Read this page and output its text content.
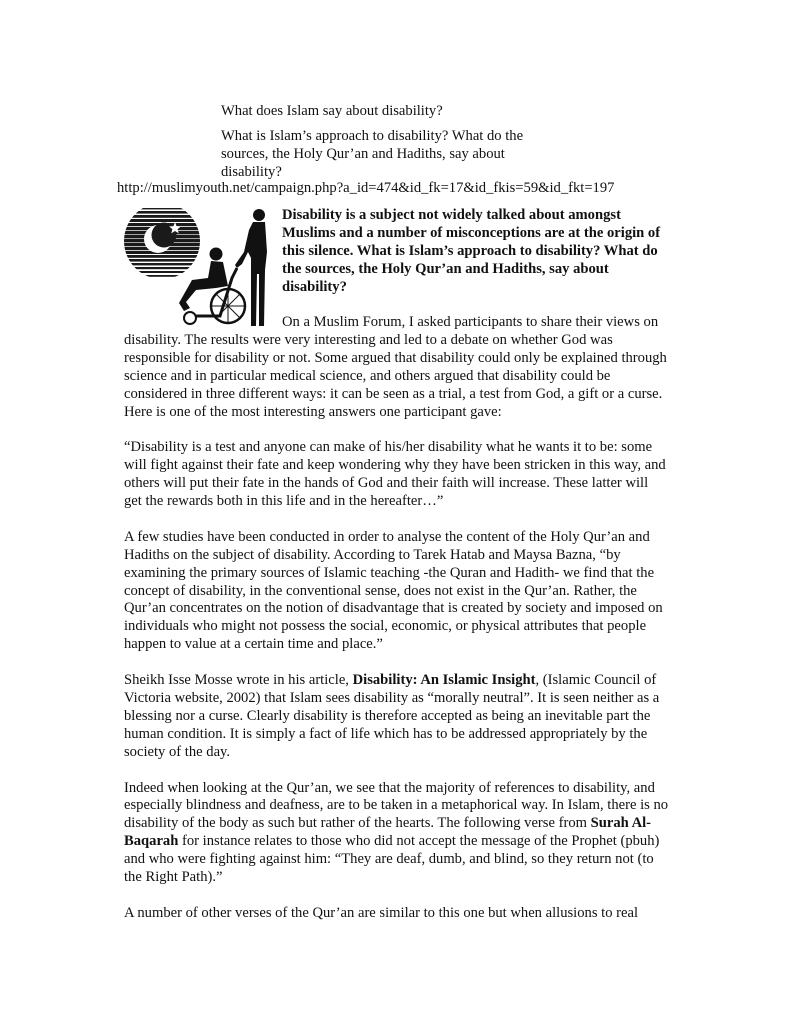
What does Islam say about disability?

What is Islam’s approach to disability? What do the sources, the Holy Qur’an and Hadiths, say about disability?

http://muslimyouth.net/campaign.php?a_id=474&id_fk=17&id_fkis=59&id_fkt=197

Disability is a subject not widely talked about amongst Muslims and a number of misconceptions are at the origin of this silence. What is Islam’s approach to disability? What do the sources, the Holy Qur’an and Hadiths, say about disability?

On a Muslim Forum, I asked participants to share their views on disability. The results were very interesting and led to a debate on whether God was responsible for disability or not. Some argued that disability could only be explained through science and in particular medical science, and others argued that disability could be considered in three different ways: it can be seen as a trial, a test from God, a gift or a curse. Here is one of the most interesting answers one participant gave:

“Disability is a test and anyone can make of his/her disability what he wants it to be: some will fight against their fate and keep wondering why they have been stricken in this way, and others will put their fate in the hands of God and their faith will increase. These latter will get the rewards both in this life and in the hereafter…”

A few studies have been conducted in order to analyse the content of the Holy Qur’an and Hadiths on the subject of disability. According to Tarek Hatab and Maysa Bazna, “by examining the primary sources of Islamic teaching -the Quran and Hadith- we find that the concept of disability, in the conventional sense, does not exist in the Qur’an. Rather, the Qur’an concentrates on the notion of disadvantage that is created by society and imposed on individuals who might not possess the social, economic, or physical attributes that people happen to value at a certain time and place.”

Sheikh Isse Mosse wrote in his article, Disability: An Islamic Insight, (Islamic Council of Victoria website, 2002) that Islam sees disability as “morally neutral”. It is seen neither as a blessing nor a curse. Clearly disability is therefore accepted as being an inevitable part the human condition. It is simply a fact of life which has to be addressed appropriately by the society of the day.

Indeed when looking at the Qur’an, we see that the majority of references to disability, and especially blindness and deafness, are to be taken in a metaphorical way. In Islam, there is no disability of the body as such but rather of the hearts. The following verse from Surah Al-Baqarah for instance relates to those who did not accept the message of the Prophet (pbuh) and who were fighting against him: “They are deaf, dumb, and blind, so they return not (to the Right Path).”

A number of other verses of the Qur’an are similar to this one but when allusions to real
